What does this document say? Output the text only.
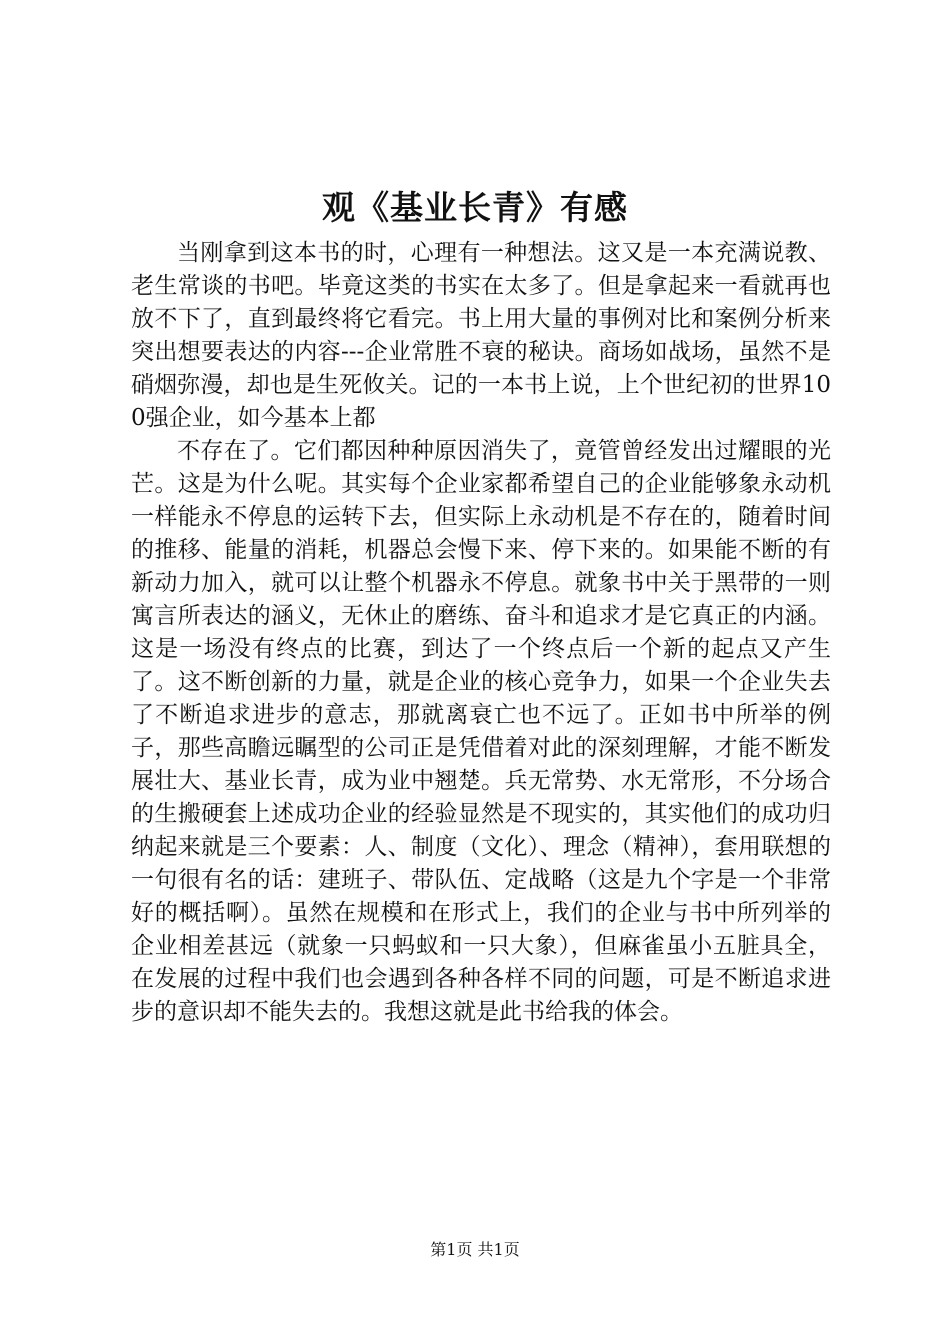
观《基业长青》有感

当刚拿到这本书的时，心理有一种想法。这又是一本充满说教、老生常谈的书吧。毕竟这类的书实在太多了。但是拿起来一看就再也放不下了，直到最终将它看完。书上用大量的事例对比和案例分析来突出想要表达的内容---企业常胜不衰的秘诀。商场如战场，虽然不是硝烟弥漫，却也是生死攸关。记的一本书上说，上个世纪初的世界100强企业，如今基本上都

不存在了。它们都因种种原因消失了，竟管曾经发出过耀眼的光芒。这是为什么呢。其实每个企业家都希望自己的企业能够象永动机一样能永不停息的运转下去，但实际上永动机是不存在的，随着时间的推移、能量的消耗，机器总会慢下来、停下来的。如果能不断的有新动力加入，就可以让整个机器永不停息。就象书中关于黑带的一则寓言所表达的涵义，无休止的磨练、奋斗和追求才是它真正的内涵。这是一场没有终点的比赛，到达了一个终点后一个新的起点又产生了。这不断创新的力量，就是企业的核心竞争力，如果一个企业失去了不断追求进步的意志，那就离衰亡也不远了。正如书中所举的例子，那些高瞻远瞩型的公司正是凭借着对此的深刻理解，才能不断发展壮大、基业长青，成为业中翘楚。兵无常势、水无常形，不分场合的生搬硬套上述成功企业的经验显然是不现实的，其实他们的成功归纳起来就是三个要素：人、制度（文化）、理念（精神），套用联想的一句很有名的话：建班子、带队伍、定战略（这是九个字是一个非常好的概括啊）。虽然在规模和在形式上，我们的企业与书中所列举的企业相差甚远（就象一只蚂蚁和一只大象），但麻雀虽小五脏具全，在发展的过程中我们也会遇到各种各样不同的问题，可是不断追求进步的意识却不能失去的。我想这就是此书给我的体会。

第1页 共1页
